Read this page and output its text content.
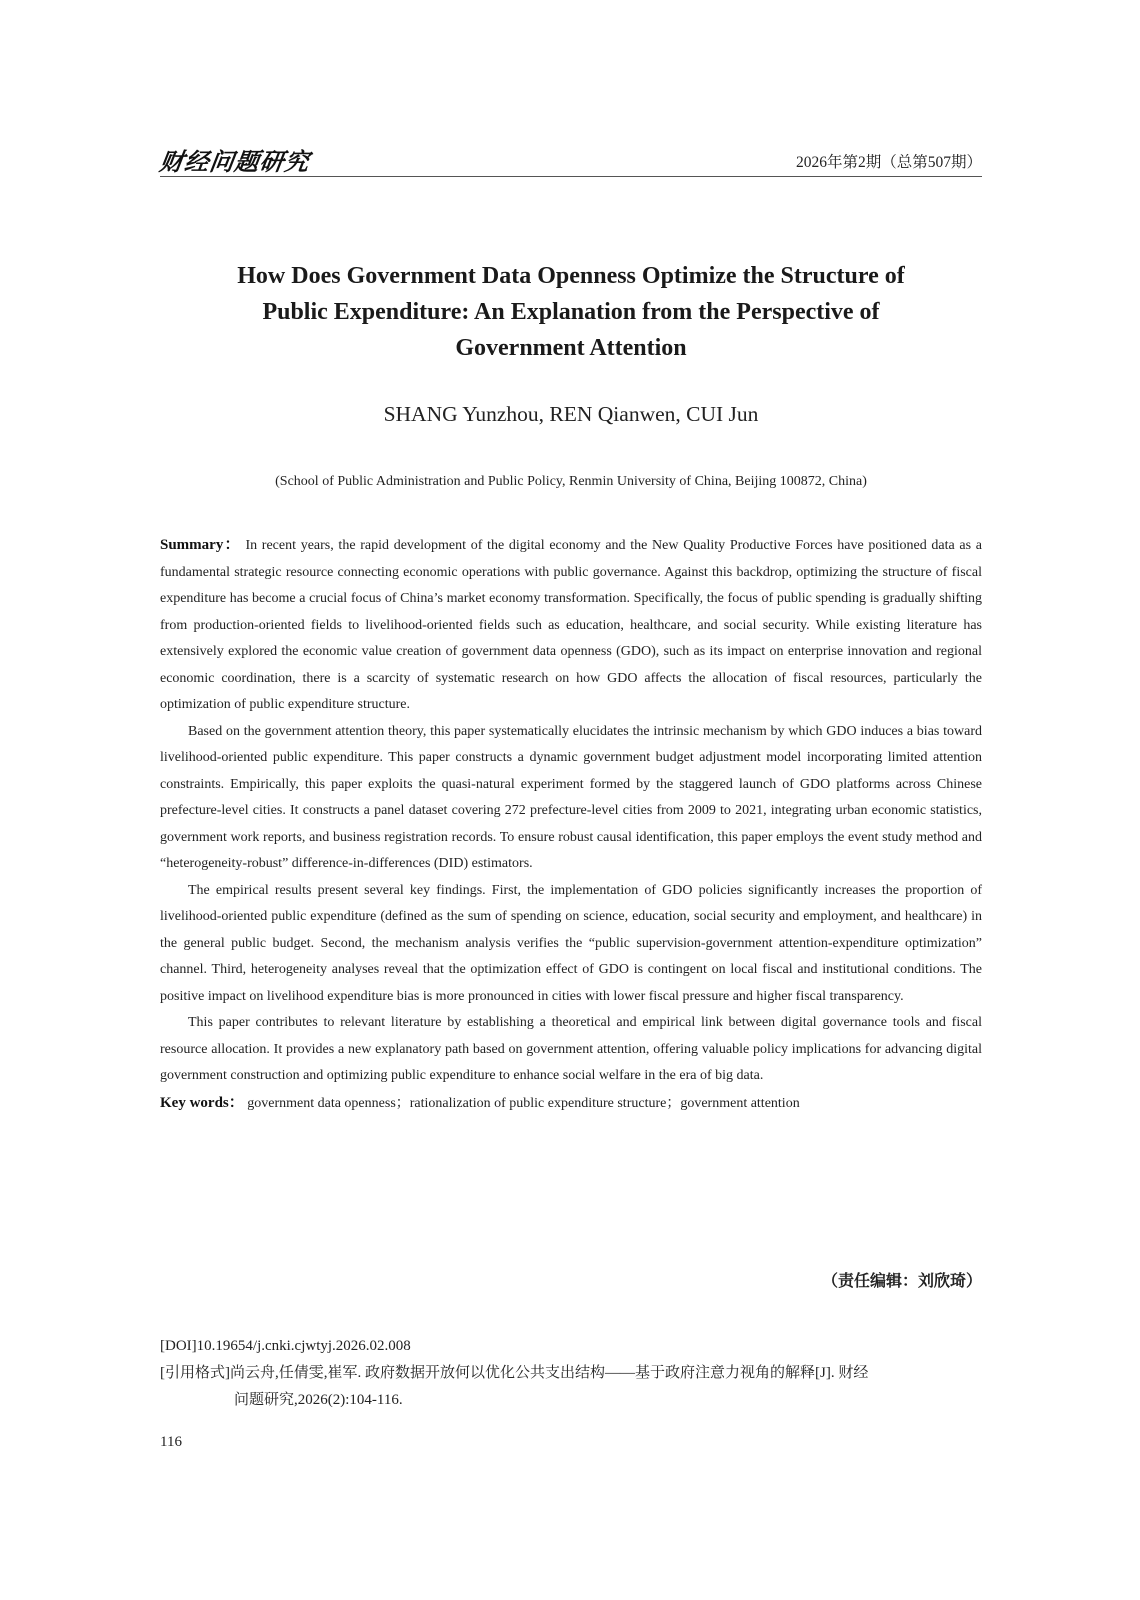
财经问题研究	2026年第2期（总第507期）
How Does Government Data Openness Optimize the Structure of
Public Expenditure: An Explanation from the Perspective of
Government Attention
SHANG Yunzhou, REN Qianwen, CUI Jun
(School of Public Administration and Public Policy, Renmin University of China, Beijing 100872, China)

Summary： In recent years, the rapid development of the digital economy and the New Quality Productive Forces have positioned data as a fundamental strategic resource connecting economic operations with public governance. Against this backdrop, optimizing the structure of fiscal expenditure has become a crucial focus of China’s market economy transformation. Specifically, the focus of public spending is gradually shifting from production-oriented fields to livelihood-oriented fields such as education, healthcare, and social security. While existing literature has extensively explored the economic value creation of government data openness (GDO), such as its impact on enterprise innovation and regional economic coordination, there is a scarcity of systematic research on how GDO affects the allocation of fiscal resources, particularly the optimization of public expenditure structure.

Based on the government attention theory, this paper systematically elucidates the intrinsic mechanism by which GDO induces a bias toward livelihood-oriented public expenditure. This paper constructs a dynamic government budget adjustment model incorporating limited attention constraints. Empirically, this paper exploits the quasi-natural experiment formed by the staggered launch of GDO platforms across Chinese prefecture-level cities. It constructs a panel dataset covering 272 prefecture-level cities from 2009 to 2021, integrating urban economic statistics, government work reports, and business registration records. To ensure robust causal identification, this paper employs the event study method and “heterogeneity-robust” difference-in-differences (DID) estimators.

The empirical results present several key findings. First, the implementation of GDO policies significantly increases the proportion of livelihood-oriented public expenditure (defined as the sum of spending on science, education, social security and employment, and healthcare) in the general public budget. Second, the mechanism analysis verifies the “public supervision-government attention-expenditure optimization” channel. Third, heterogeneity analyses reveal that the optimization effect of GDO is contingent on local fiscal and institutional conditions. The positive impact on livelihood expenditure bias is more pronounced in cities with lower fiscal pressure and higher fiscal transparency.

This paper contributes to relevant literature by establishing a theoretical and empirical link between digital governance tools and fiscal resource allocation. It provides a new explanatory path based on government attention, offering valuable policy implications for advancing digital government construction and optimizing public expenditure to enhance social welfare in the era of big data.

Key words： government data openness；rationalization of public expenditure structure；government attention

（责任编辑：刘欣琦）
[DOI]10.19654/j.cnki.cjwtyj.2026.02.008
[引用格式]尚云舟,任倩雯,崔军. 政府数据开放何以优化公共支出结构——基于政府注意力视角的解释[J]. 财经
问题研究,2026(2):104-116.
116
